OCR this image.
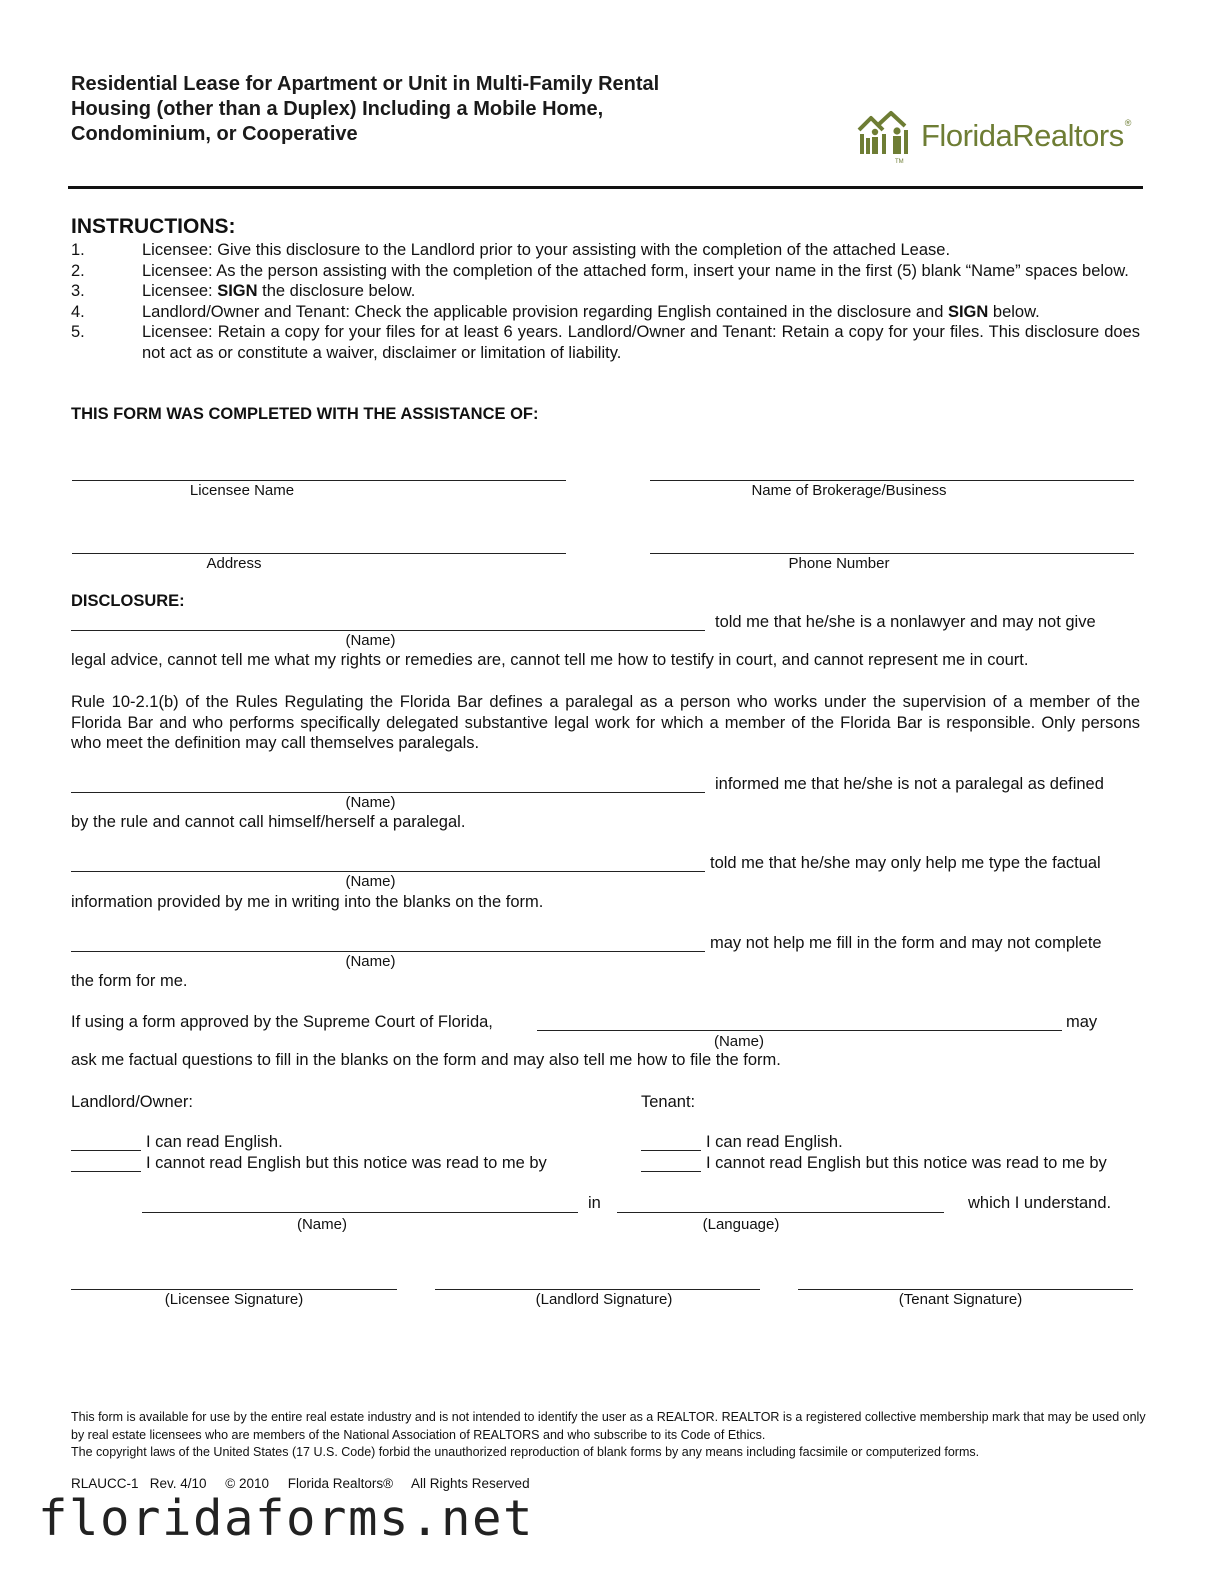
Residential Lease for Apartment or Unit in Multi-Family Rental
Housing (other than a Duplex) Including a Mobile Home,
Condominium, or Cooperative
TM
FloridaRealtors®
INSTRUCTIONS:
1.	Licensee: Give this disclosure to the Landlord prior to your assisting with the completion of the attached Lease.
2.	Licensee: As the person assisting with the completion of the attached form, insert your name in the first (5) blank “Name” spaces below.
3.	Licensee: SIGN the disclosure below.
4.	Landlord/Owner and Tenant: Check the applicable provision regarding English contained in the disclosure and SIGN below.
5.	Licensee: Retain a copy for your files for at least 6 years. Landlord/Owner and Tenant: Retain a copy for your files. This disclosure does not act as or constitute a waiver, disclaimer or limitation of liability.
THIS FORM WAS COMPLETED WITH THE ASSISTANCE OF:
Licensee Name	Name of Brokerage/Business
Address	Phone Number
DISCLOSURE:
told me that he/she is a nonlawyer and may not give
(Name)
legal advice, cannot tell me what my rights or remedies are, cannot tell me how to testify in court, and cannot represent me in court.
Rule 10-2.1(b) of the Rules Regulating the Florida Bar defines a paralegal as a person who works under the supervision of a member of the Florida Bar and who performs specifically delegated substantive legal work for which a member of the Florida Bar is responsible. Only persons who meet the definition may call themselves paralegals.
informed me that he/she is not a paralegal as defined
(Name)
by the rule and cannot call himself/herself a paralegal.
told me that he/she may only help me type the factual
(Name)
information provided by me in writing into the blanks on the form.
may not help me fill in the form and may not complete
(Name)
the form for me.
If using a form approved by the Supreme Court of Florida,	may
(Name)
ask me factual questions to fill in the blanks on the form and may also tell me how to file the form.
Landlord/Owner:	Tenant:
I can read English.
I cannot read English but this notice was read to me by
I can read English.
I cannot read English but this notice was read to me by
in	which I understand.
(Name)	(Language)
(Licensee Signature)	(Landlord Signature)	(Tenant Signature)
This form is available for use by the entire real estate industry and is not intended to identify the user as a REALTOR. REALTOR is a registered collective membership mark that may be used only by real estate licensees who are members of the National Association of REALTORS and who subscribe to its Code of Ethics.
The copyright laws of the United States (17 U.S. Code) forbid the unauthorized reproduction of blank forms by any means including facsimile or computerized forms.
RLAUCC-1   Rev. 4/10     © 2010     Florida Realtors®     All Rights Reserved
floridaforms.net
